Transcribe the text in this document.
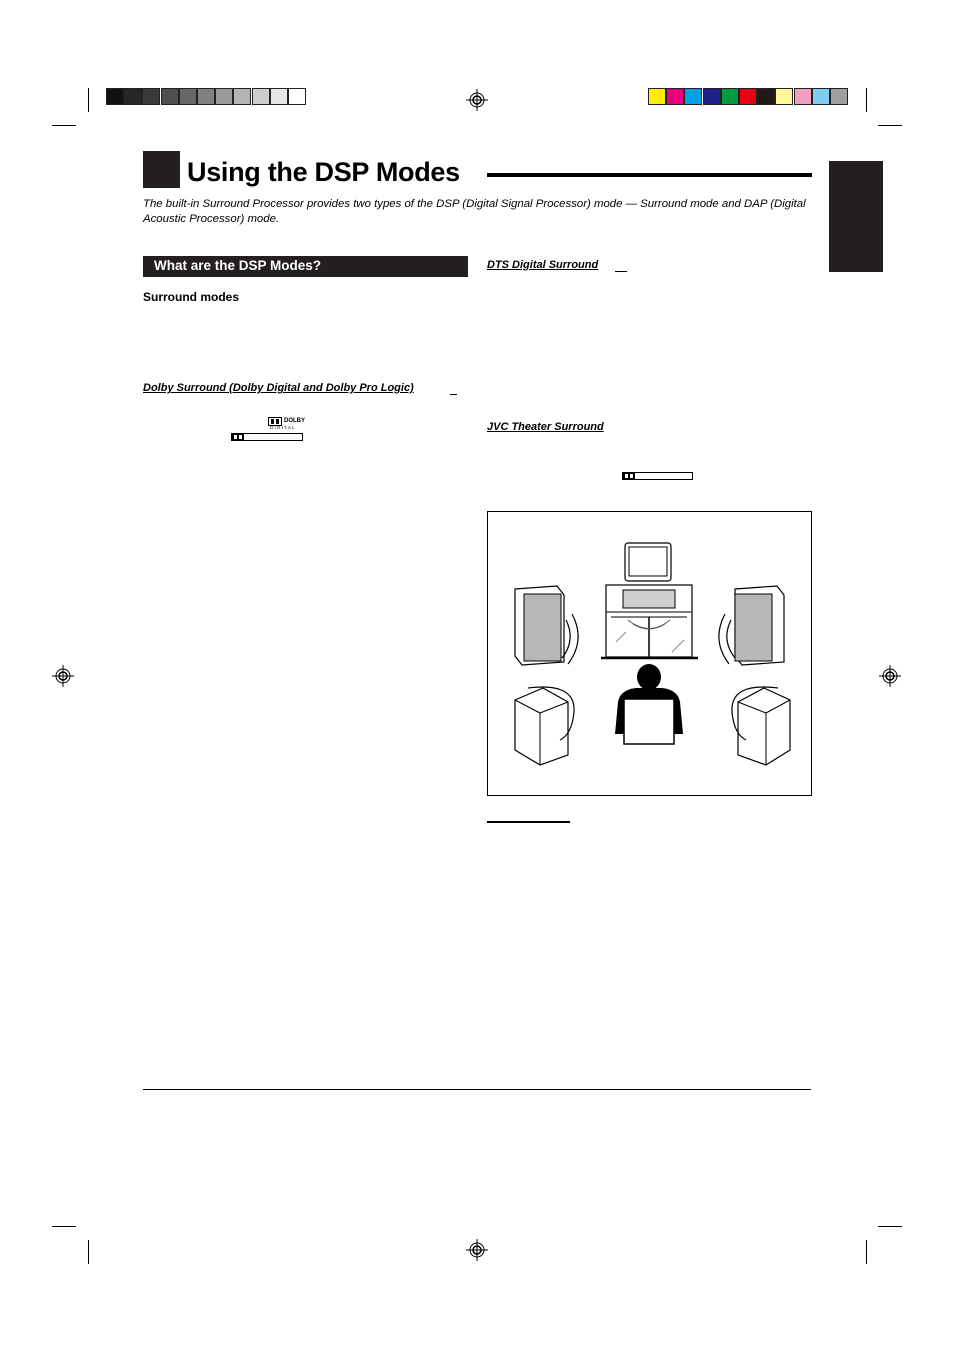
Using the DSP Modes
The built-in Surround Processor provides two types of the DSP (Digital Signal Processor) mode — Surround mode and DAP (Digital Acoustic Processor) mode.
What are the DSP Modes?
Surround modes
Dolby Surround (Dolby Digital and Dolby Pro Logic)
DOLBY
D I G I T A L
DTS Digital Surround
JVC Theater Surround
